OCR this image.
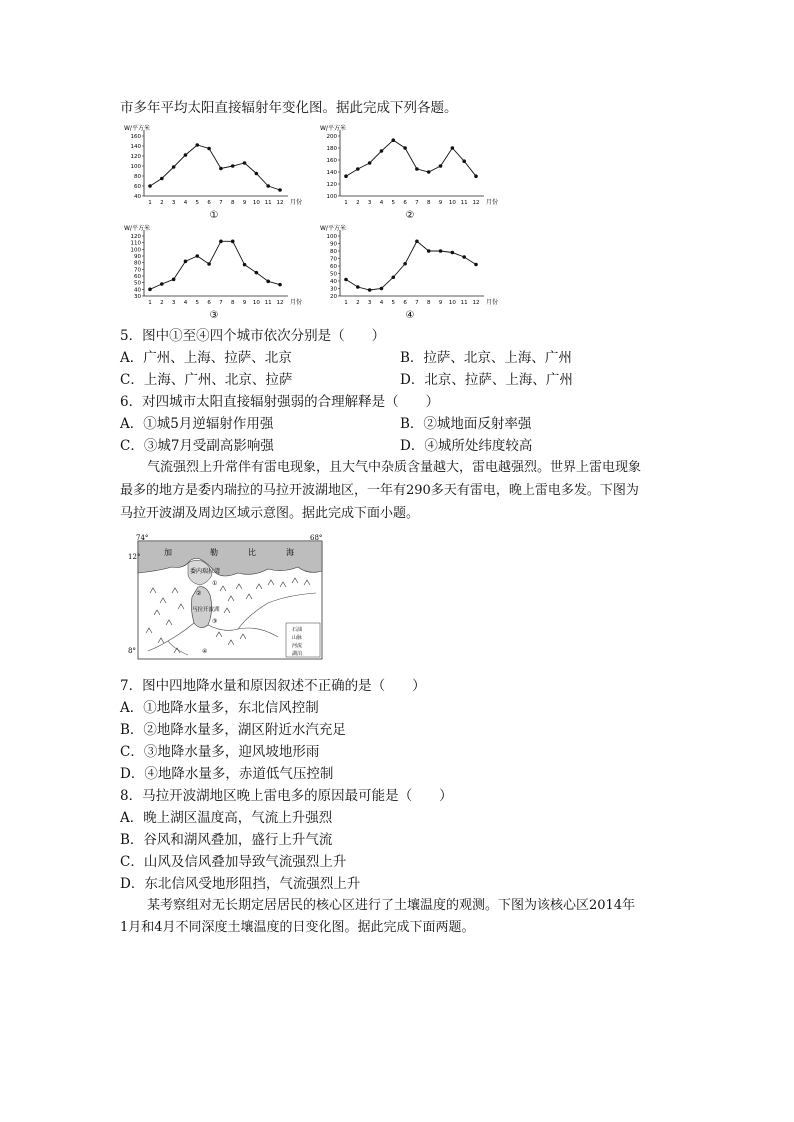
市多年平均太阳直接辐射年变化图。据此完成下列各题。
W/平方米
40
60
80
100
120
140
160
1 2 3 4 5 6 7 8 9 10 11 12 月份
①
W/平方米
100
120
140
160
180
200
1 2 3 4 5 6 7 8 9 10 11 12 月份
②
W/平方米
30
40
50
60
70
80
90
100
110
120
1 2 3 4 5 6 7 8 9 10 11 12 月份
③
W/平方米
20
30
40
50
60
70
80
90
100
1 2 3 4 5 6 7 8 9 10 11 12 月份
④
5．图中①至④四个城市依次分别是（　　）
A．广州、上海、拉萨、北京	B．拉萨、北京、上海、广州
C．上海、广州、北京、拉萨	D．北京、拉萨、上海、广州
6．对四城市太阳直接辐射强弱的合理解释是（　　）
A．①城5月逆辐射作用强	B．②城地面反射率强
C．③城7月受副高影响强	D．④城所处纬度较高
气流强烈上升常伴有雷电现象，且大气中杂质含量越大，雷电越强烈。世界上雷电现象
最多的地方是委内瑞拉的马拉开波湖地区，一年有290多天有雷电，晚上雷电多发。下图为
马拉开波湖及周边区域示意图。据此完成下面小题。
74°	68°
12°
8°
加	勒	比	海
委内瑞拉湾
马拉开波湖
①
②
③
④
石油
山脉
河流
湖泊
7．图中四地降水量和原因叙述不正确的是（　　）
A．①地降水量多，东北信风控制
B．②地降水量多，湖区附近水汽充足
C．③地降水量多，迎风坡地形雨
D．④地降水量多，赤道低气压控制
8．马拉开波湖地区晚上雷电多的原因最可能是（　　）
A．晚上湖区温度高，气流上升强烈
B．谷风和湖风叠加，盛行上升气流
C．山风及信风叠加导致气流强烈上升
D．东北信风受地形阻挡，气流强烈上升
某考察组对无长期定居居民的核心区进行了土壤温度的观测。下图为该核心区2014年
1月和4月不同深度土壤温度的日变化图。据此完成下面两题。
